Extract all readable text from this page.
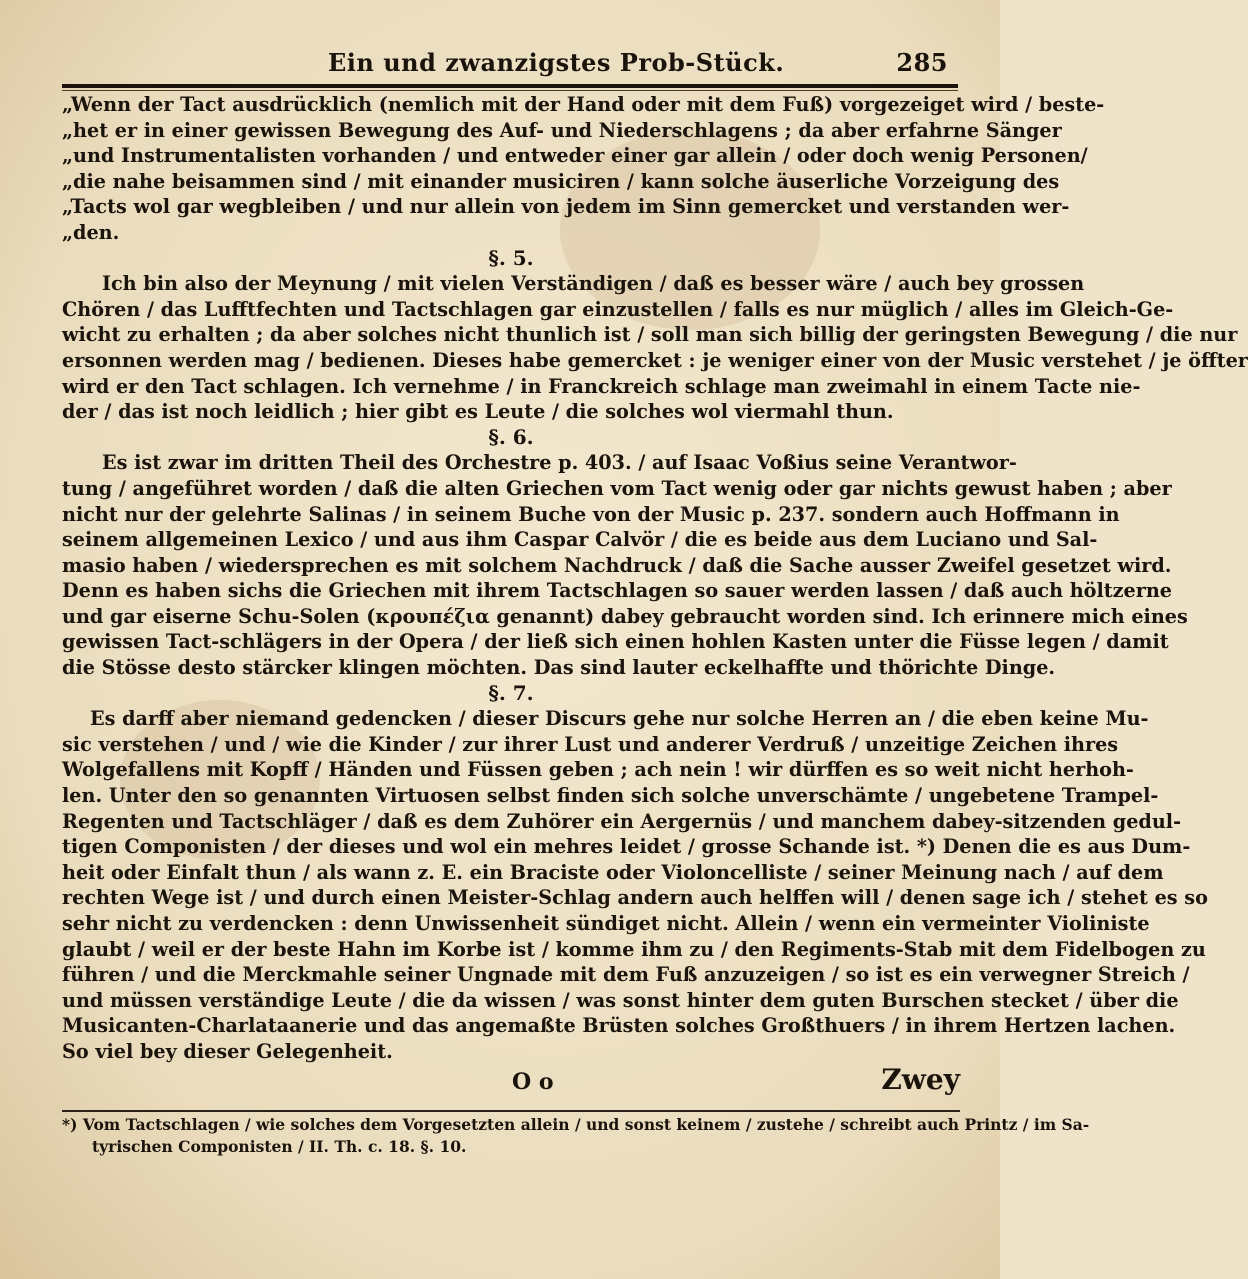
Ein und zwanzigstes Prob-Stück.	285
„Wenn der Tact ausdrücklich (nemlich mit der Hand oder mit dem Fuß) vorgezeiget wird / beste-
„het er in einer gewissen Bewegung des Auf- und Niederschlagens ; da aber erfahrne Sänger
„und Instrumentalisten vorhanden / und entweder einer gar allein / oder doch wenig Personen/
„die nahe beisammen sind / mit einander musiciren / kann solche äuserliche Vorzeigung des
„Tacts wol gar wegbleiben / und nur allein von jedem im Sinn gemercket und verstanden wer-
„den.
§. 5.
Ich bin also der Meynung / mit vielen Verständigen / daß es besser wäre / auch bey grossen
Chören / das Lufftfechten und Tactschlagen gar einzustellen / falls es nur müglich / alles im Gleich-Ge-
wicht zu erhalten ; da aber solches nicht thunlich ist / soll man sich billig der geringsten Bewegung / die nur
ersonnen werden mag / bedienen. Dieses habe gemercket : je weniger einer von der Music verstehet / je öffter
wird er den Tact schlagen. Ich vernehme / in Franckreich schlage man zweimahl in einem Tacte nie-
der / das ist noch leidlich ; hier gibt es Leute / die solches wol viermahl thun.
§. 6.
Es ist zwar im dritten Theil des Orchestre p. 403. / auf Isaac Voßius seine Verantwor-
tung / angeführet worden / daß die alten Griechen vom Tact wenig oder gar nichts gewust haben ; aber
nicht nur der gelehrte Salinas / in seinem Buche von der Music p. 237. sondern auch Hoffmann in
seinem allgemeinen Lexico / und aus ihm Caspar Calvör / die es beide aus dem Luciano und Sal-
masio haben / wiedersprechen es mit solchem Nachdruck / daß die Sache ausser Zweifel gesetzet wird.
Denn es haben sichs die Griechen mit ihrem Tactschlagen so sauer werden lassen / daß auch höltzerne
und gar eiserne Schu-Solen (κρουπέζια genannt) dabey gebraucht worden sind. Ich erinnere mich eines
gewissen Tact-schlägers in der Opera / der ließ sich einen hohlen Kasten unter die Füsse legen / damit
die Stösse desto stärcker klingen möchten. Das sind lauter eckelhaffte und thörichte Dinge.
§. 7.
Es darff aber niemand gedencken / dieser Discurs gehe nur solche Herren an / die eben keine Mu-
sic verstehen / und / wie die Kinder / zur ihrer Lust und anderer Verdruß / unzeitige Zeichen ihres
Wolgefallens mit Kopff / Händen und Füssen geben ; ach nein ! wir dürffen es so weit nicht herhoh-
len. Unter den so genannten Virtuosen selbst finden sich solche unverschämte / ungebetene Trampel-
Regenten und Tactschläger / daß es dem Zuhörer ein Aergernüs / und manchem dabey-sitzenden gedul-
tigen Componisten / der dieses und wol ein mehres leidet / grosse Schande ist. *) Denen die es aus Dum-
heit oder Einfalt thun / als wann z. E. ein Braciste oder Violoncelliste / seiner Meinung nach / auf dem
rechten Wege ist / und durch einen Meister-Schlag andern auch helffen will / denen sage ich / stehet es so
sehr nicht zu verdencken : denn Unwissenheit sündiget nicht. Allein / wenn ein vermeinter Violiniste
glaubt / weil er der beste Hahn im Korbe ist / komme ihm zu / den Regiments-Stab mit dem Fidelbogen zu
führen / und die Merckmahle seiner Ungnade mit dem Fuß anzuzeigen / so ist es ein verwegner Streich /
und müssen verständige Leute / die da wissen / was sonst hinter dem guten Burschen stecket / über die
Musicanten-Charlataanerie und das angemaßte Brüsten solches Großthuers / in ihrem Hertzen lachen.
So viel bey dieser Gelegenheit.
O o	Zwey
*) Vom Tactschlagen / wie solches dem Vorgesetzten allein / und sonst keinem / zustehe / schreibt auch Printz / im Sa-
tyrischen Componisten / II. Th. c. 18. §. 10.
